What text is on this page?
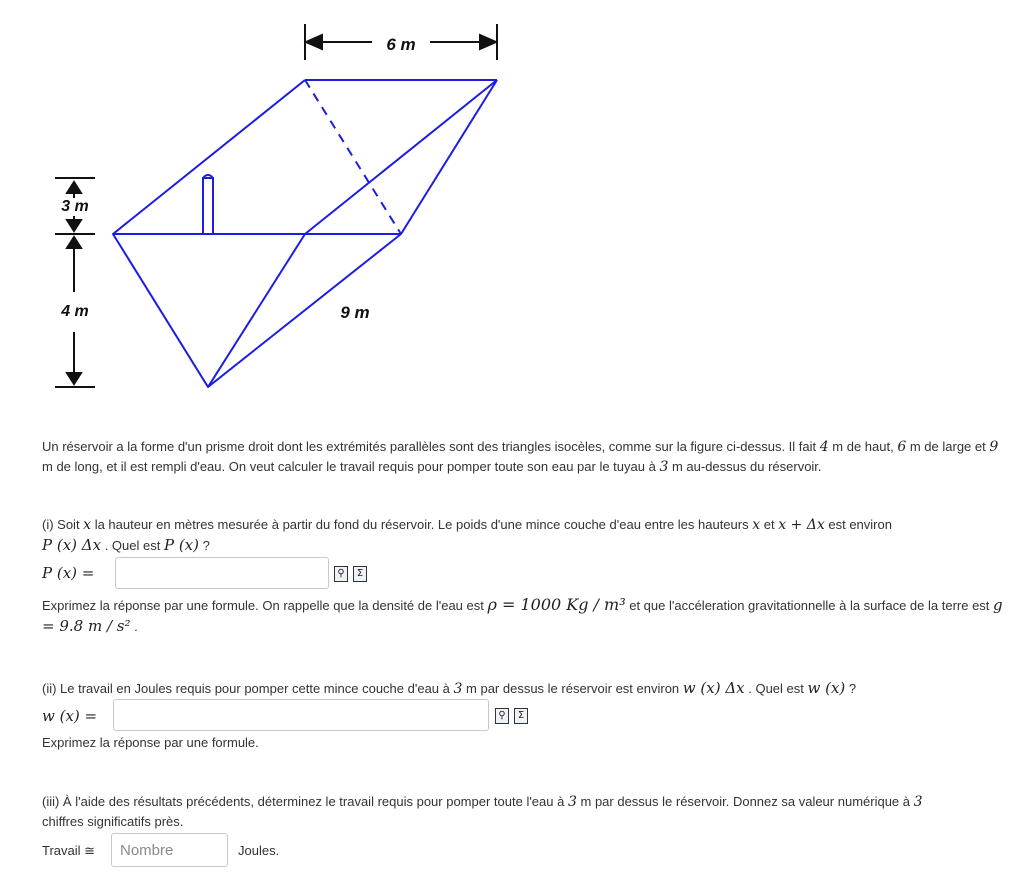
6 m
3 m
4 m	9 m
Un réservoir a la forme d'un prisme droit dont les extrémités parallèles sont des triangles isocèles, comme sur la figure ci-dessus. Il fait 4 m de haut, 6 m de large et 9 m de long, et il est rempli d'eau. On veut calculer le travail requis pour pomper toute son eau par le tuyau à 3 m au-dessus du réservoir.
(i) Soit x la hauteur en mètres mesurée à partir du fond du réservoir. Le poids d'une mince couche d'eau entre les hauteurs x et x + Δx est environ
P (x) Δx . Quel est P (x) ?
P (x) =	⚲	Σ
Exprimez la réponse par une formule. On rappelle que la densité de l'eau est ρ = 1000 Kg / m³ et que l'accéleration gravitationnelle à la surface de la terre est g = 9.8 m / s² .
(ii) Le travail en Joules requis pour pomper cette mince couche d'eau à 3 m par dessus le réservoir est environ w (x) Δx . Quel est w (x) ?
w (x) =	⚲	Σ
Exprimez la réponse par une formule.
(iii) À l'aide des résultats précédents, déterminez le travail requis pour pomper toute l'eau à 3 m par dessus le réservoir. Donnez sa valeur numérique à 3
chiffres significatifs près.
Travail ≅
Nombre	Joules.
